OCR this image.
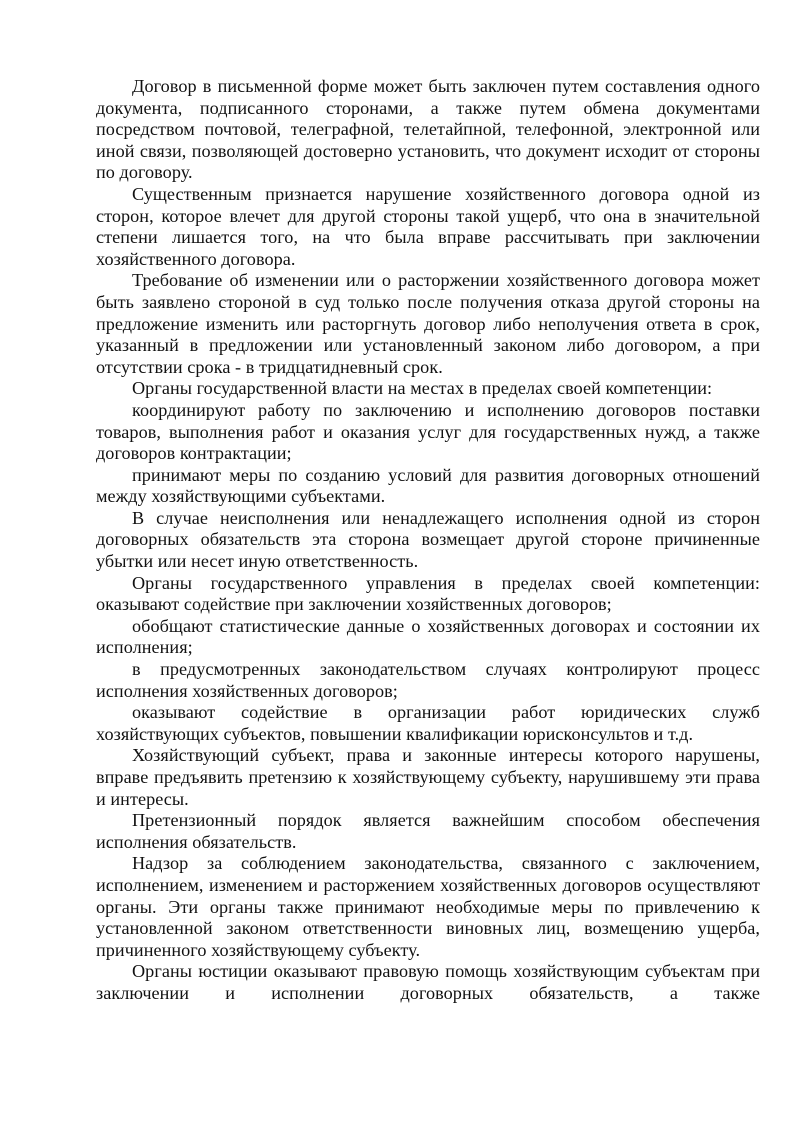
Договор в письменной форме может быть заключен путем составления одного документа, подписанного сторонами, а также путем обмена документами посредством почтовой, телеграфной, телетайпной, телефонной, электронной или иной связи, позволяющей достоверно установить, что документ исходит от стороны по договору.

Существенным признается нарушение хозяйственного договора одной из сторон, которое влечет для другой стороны такой ущерб, что она в значительной степени лишается того, на что была вправе рассчитывать при заключении хозяйственного договора.

Требование об изменении или о расторжении хозяйственного договора может быть заявлено стороной в суд только после получения отказа другой стороны на предложение изменить или расторгнуть договор либо неполучения ответа в срок, указанный в предложении или установленный законом либо договором, а при отсутствии срока - в тридцатидневный срок.

Органы государственной власти на местах в пределах своей компетенции:

координируют работу по заключению и исполнению договоров поставки товаров, выполнения работ и оказания услуг для государственных нужд, а также договоров контрактации;

принимают меры по созданию условий для развития договорных отношений между хозяйствующими субъектами.

В случае неисполнения или ненадлежащего исполнения одной из сторон договорных обязательств эта сторона возмещает другой стороне причиненные убытки или несет иную ответственность.

Органы государственного управления в пределах своей компетенции: оказывают содействие при заключении хозяйственных договоров;

обобщают статистические данные о хозяйственных договорах и состоянии их исполнения;

в предусмотренных законодательством случаях контролируют процесс исполнения хозяйственных договоров;

оказывают содействие в организации работ юридических служб хозяйствующих субъектов, повышении квалификации юрисконсультов и т.д.

Хозяйствующий субъект, права и законные интересы которого нарушены, вправе предъявить претензию к хозяйствующему субъекту, нарушившему эти права и интересы.

Претензионный порядок является важнейшим способом обеспечения исполнения обязательств.

Надзор за соблюдением законодательства, связанного с заключением, исполнением, изменением и расторжением хозяйственных договоров осуществляют органы. Эти органы также принимают необходимые меры по привлечению к установленной законом ответственности виновных лиц, возмещению ущерба, причиненного хозяйствующему субъекту.

Органы юстиции оказывают правовую помощь хозяйствующим субъектам при заключении и исполнении договорных обязательств, а также
